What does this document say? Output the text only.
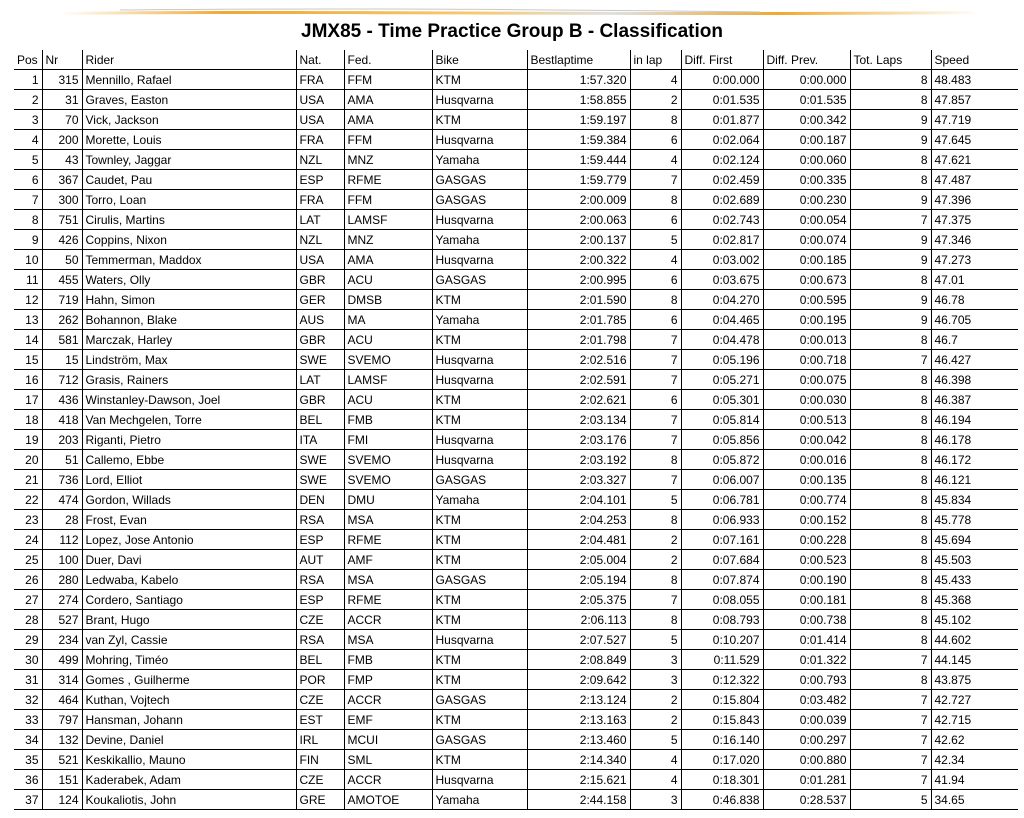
JMX85 - Time Practice Group B - Classification
Pos	Nr	Rider	Nat.	Fed.	Bike	Bestlaptime	in lap	Diff. First	Diff. Prev.	Tot. Laps	Speed
1	315	Mennillo, Rafael	FRA	FFM	KTM	1:57.320	4	0:00.000	0:00.000	8	48.483
2	31	Graves, Easton	USA	AMA	Husqvarna	1:58.855	2	0:01.535	0:01.535	8	47.857
3	70	Vick, Jackson	USA	AMA	KTM	1:59.197	8	0:01.877	0:00.342	9	47.719
4	200	Morette, Louis	FRA	FFM	Husqvarna	1:59.384	6	0:02.064	0:00.187	9	47.645
5	43	Townley, Jaggar	NZL	MNZ	Yamaha	1:59.444	4	0:02.124	0:00.060	8	47.621
6	367	Caudet, Pau	ESP	RFME	GASGAS	1:59.779	7	0:02.459	0:00.335	8	47.487
7	300	Torro, Loan	FRA	FFM	GASGAS	2:00.009	8	0:02.689	0:00.230	9	47.396
8	751	Cirulis, Martins	LAT	LAMSF	Husqvarna	2:00.063	6	0:02.743	0:00.054	7	47.375
9	426	Coppins, Nixon	NZL	MNZ	Yamaha	2:00.137	5	0:02.817	0:00.074	9	47.346
10	50	Temmerman, Maddox	USA	AMA	Husqvarna	2:00.322	4	0:03.002	0:00.185	9	47.273
11	455	Waters, Olly	GBR	ACU	GASGAS	2:00.995	6	0:03.675	0:00.673	8	47.01
12	719	Hahn, Simon	GER	DMSB	KTM	2:01.590	8	0:04.270	0:00.595	9	46.78
13	262	Bohannon, Blake	AUS	MA	Yamaha	2:01.785	6	0:04.465	0:00.195	9	46.705
14	581	Marczak, Harley	GBR	ACU	KTM	2:01.798	7	0:04.478	0:00.013	8	46.7
15	15	Lindström, Max	SWE	SVEMO	Husqvarna	2:02.516	7	0:05.196	0:00.718	7	46.427
16	712	Grasis, Rainers	LAT	LAMSF	Husqvarna	2:02.591	7	0:05.271	0:00.075	8	46.398
17	436	Winstanley-Dawson, Joel	GBR	ACU	KTM	2:02.621	6	0:05.301	0:00.030	8	46.387
18	418	Van Mechgelen, Torre	BEL	FMB	KTM	2:03.134	7	0:05.814	0:00.513	8	46.194
19	203	Riganti, Pietro	ITA	FMI	Husqvarna	2:03.176	7	0:05.856	0:00.042	8	46.178
20	51	Callemo, Ebbe	SWE	SVEMO	Husqvarna	2:03.192	8	0:05.872	0:00.016	8	46.172
21	736	Lord, Elliot	SWE	SVEMO	GASGAS	2:03.327	7	0:06.007	0:00.135	8	46.121
22	474	Gordon, Willads	DEN	DMU	Yamaha	2:04.101	5	0:06.781	0:00.774	8	45.834
23	28	Frost, Evan	RSA	MSA	KTM	2:04.253	8	0:06.933	0:00.152	8	45.778
24	112	Lopez, Jose Antonio	ESP	RFME	KTM	2:04.481	2	0:07.161	0:00.228	8	45.694
25	100	Duer, Davi	AUT	AMF	KTM	2:05.004	2	0:07.684	0:00.523	8	45.503
26	280	Ledwaba, Kabelo	RSA	MSA	GASGAS	2:05.194	8	0:07.874	0:00.190	8	45.433
27	274	Cordero, Santiago	ESP	RFME	KTM	2:05.375	7	0:08.055	0:00.181	8	45.368
28	527	Brant, Hugo	CZE	ACCR	KTM	2:06.113	8	0:08.793	0:00.738	8	45.102
29	234	van Zyl, Cassie	RSA	MSA	Husqvarna	2:07.527	5	0:10.207	0:01.414	8	44.602
30	499	Mohring, Timéo	BEL	FMB	KTM	2:08.849	3	0:11.529	0:01.322	7	44.145
31	314	Gomes , Guilherme	POR	FMP	KTM	2:09.642	3	0:12.322	0:00.793	8	43.875
32	464	Kuthan, Vojtech	CZE	ACCR	GASGAS	2:13.124	2	0:15.804	0:03.482	7	42.727
33	797	Hansman, Johann	EST	EMF	KTM	2:13.163	2	0:15.843	0:00.039	7	42.715
34	132	Devine, Daniel	IRL	MCUI	GASGAS	2:13.460	5	0:16.140	0:00.297	7	42.62
35	521	Keskikallio, Mauno	FIN	SML	KTM	2:14.340	4	0:17.020	0:00.880	7	42.34
36	151	Kaderabek, Adam	CZE	ACCR	Husqvarna	2:15.621	4	0:18.301	0:01.281	7	41.94
37	124	Koukaliotis, John	GRE	AMOTOE	Yamaha	2:44.158	3	0:46.838	0:28.537	5	34.65
